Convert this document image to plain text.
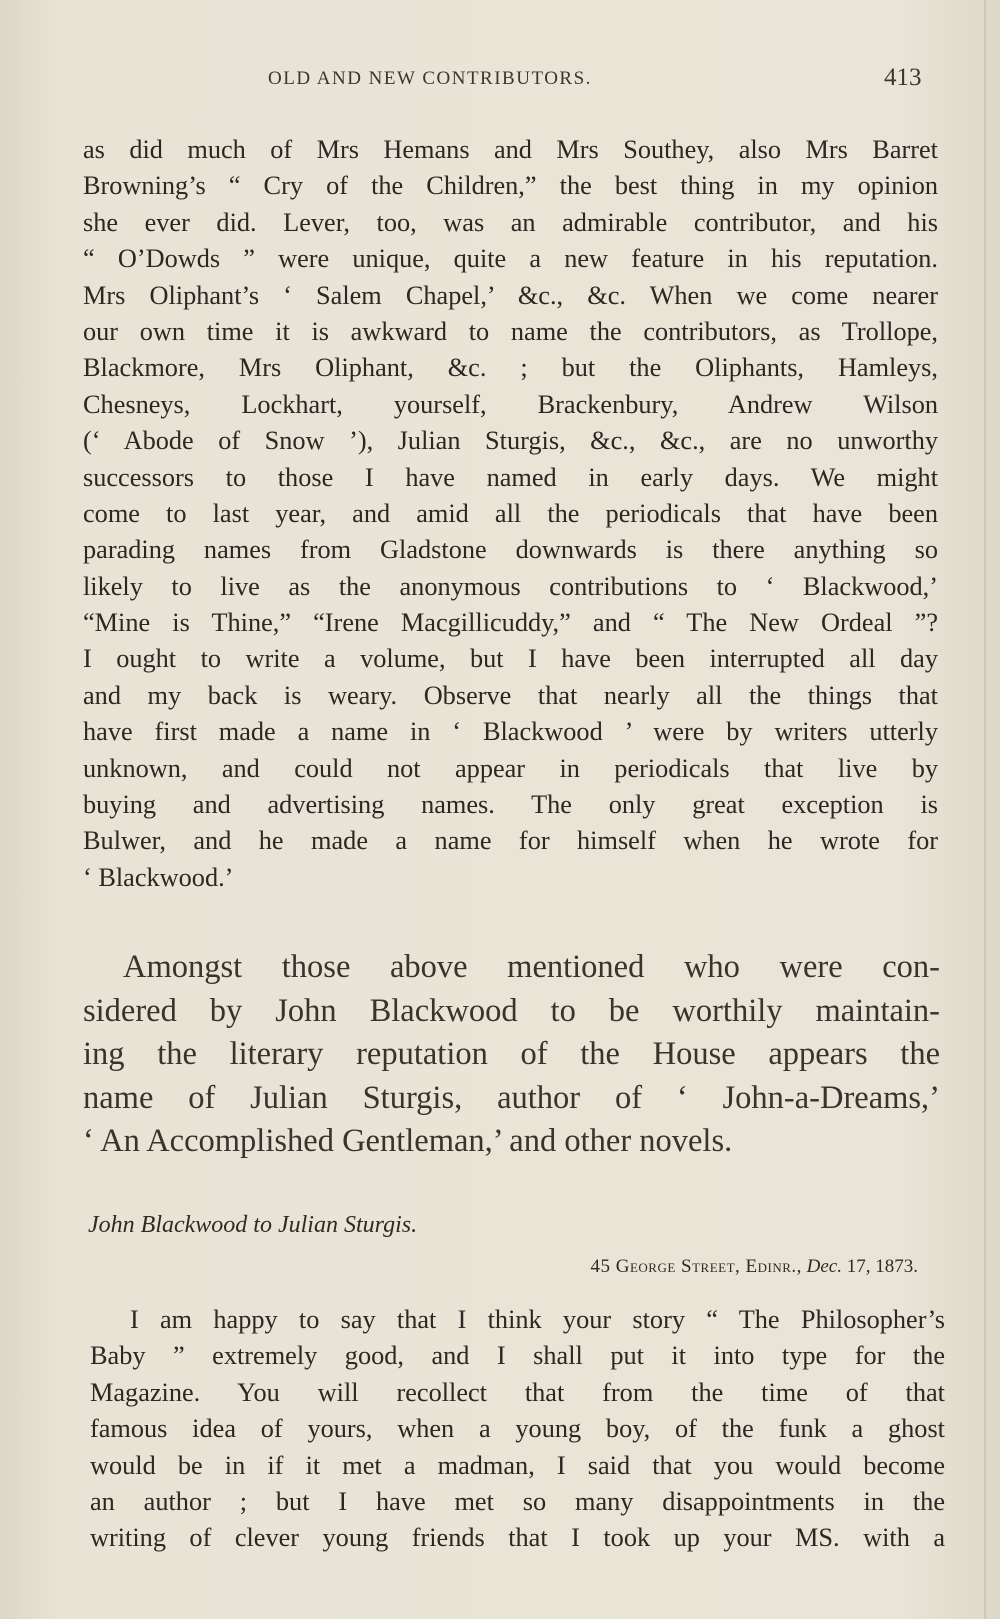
OLD AND NEW CONTRIBUTORS.	413
as did much of Mrs Hemans and Mrs Southey, also Mrs Barret
Browning’s “ Cry of the Children,” the best thing in my opinion
she ever did. Lever, too, was an admirable contributor, and his
“ O’Dowds ” were unique, quite a new feature in his reputation.
Mrs Oliphant’s ‘ Salem Chapel,’ &c., &c. When we come nearer
our own time it is awkward to name the contributors, as Trollope,
Blackmore, Mrs Oliphant, &c. ; but the Oliphants, Hamleys,
Chesneys, Lockhart, yourself, Brackenbury, Andrew Wilson
(‘ Abode of Snow ’), Julian Sturgis, &c., &c., are no unworthy
successors to those I have named in early days. We might
come to last year, and amid all the periodicals that have been
parading names from Gladstone downwards is there anything so
likely to live as the anonymous contributions to ‘ Blackwood,’
“Mine is Thine,” “Irene Macgillicuddy,” and “ The New Ordeal ”?
I ought to write a volume, but I have been interrupted all day
and my back is weary. Observe that nearly all the things that
have first made a name in ‘ Blackwood ’ were by writers utterly
unknown, and could not appear in periodicals that live by
buying and advertising names. The only great exception is
Bulwer, and he made a name for himself when he wrote for
‘ Blackwood.’
Amongst those above mentioned who were con-
sidered by John Blackwood to be worthily maintain-
ing the literary reputation of the House appears the
name of Julian Sturgis, author of ‘ John-a-Dreams,’
‘ An Accomplished Gentleman,’ and other novels.
John Blackwood to Julian Sturgis.
45 George Street, Edinr., Dec. 17, 1873.
I am happy to say that I think your story “ The Philosopher’s
Baby ” extremely good, and I shall put it into type for the
Magazine. You will recollect that from the time of that
famous idea of yours, when a young boy, of the funk a ghost
would be in if it met a madman, I said that you would become
an author ; but I have met so many disappointments in the
writing of clever young friends that I took up your MS. with a
